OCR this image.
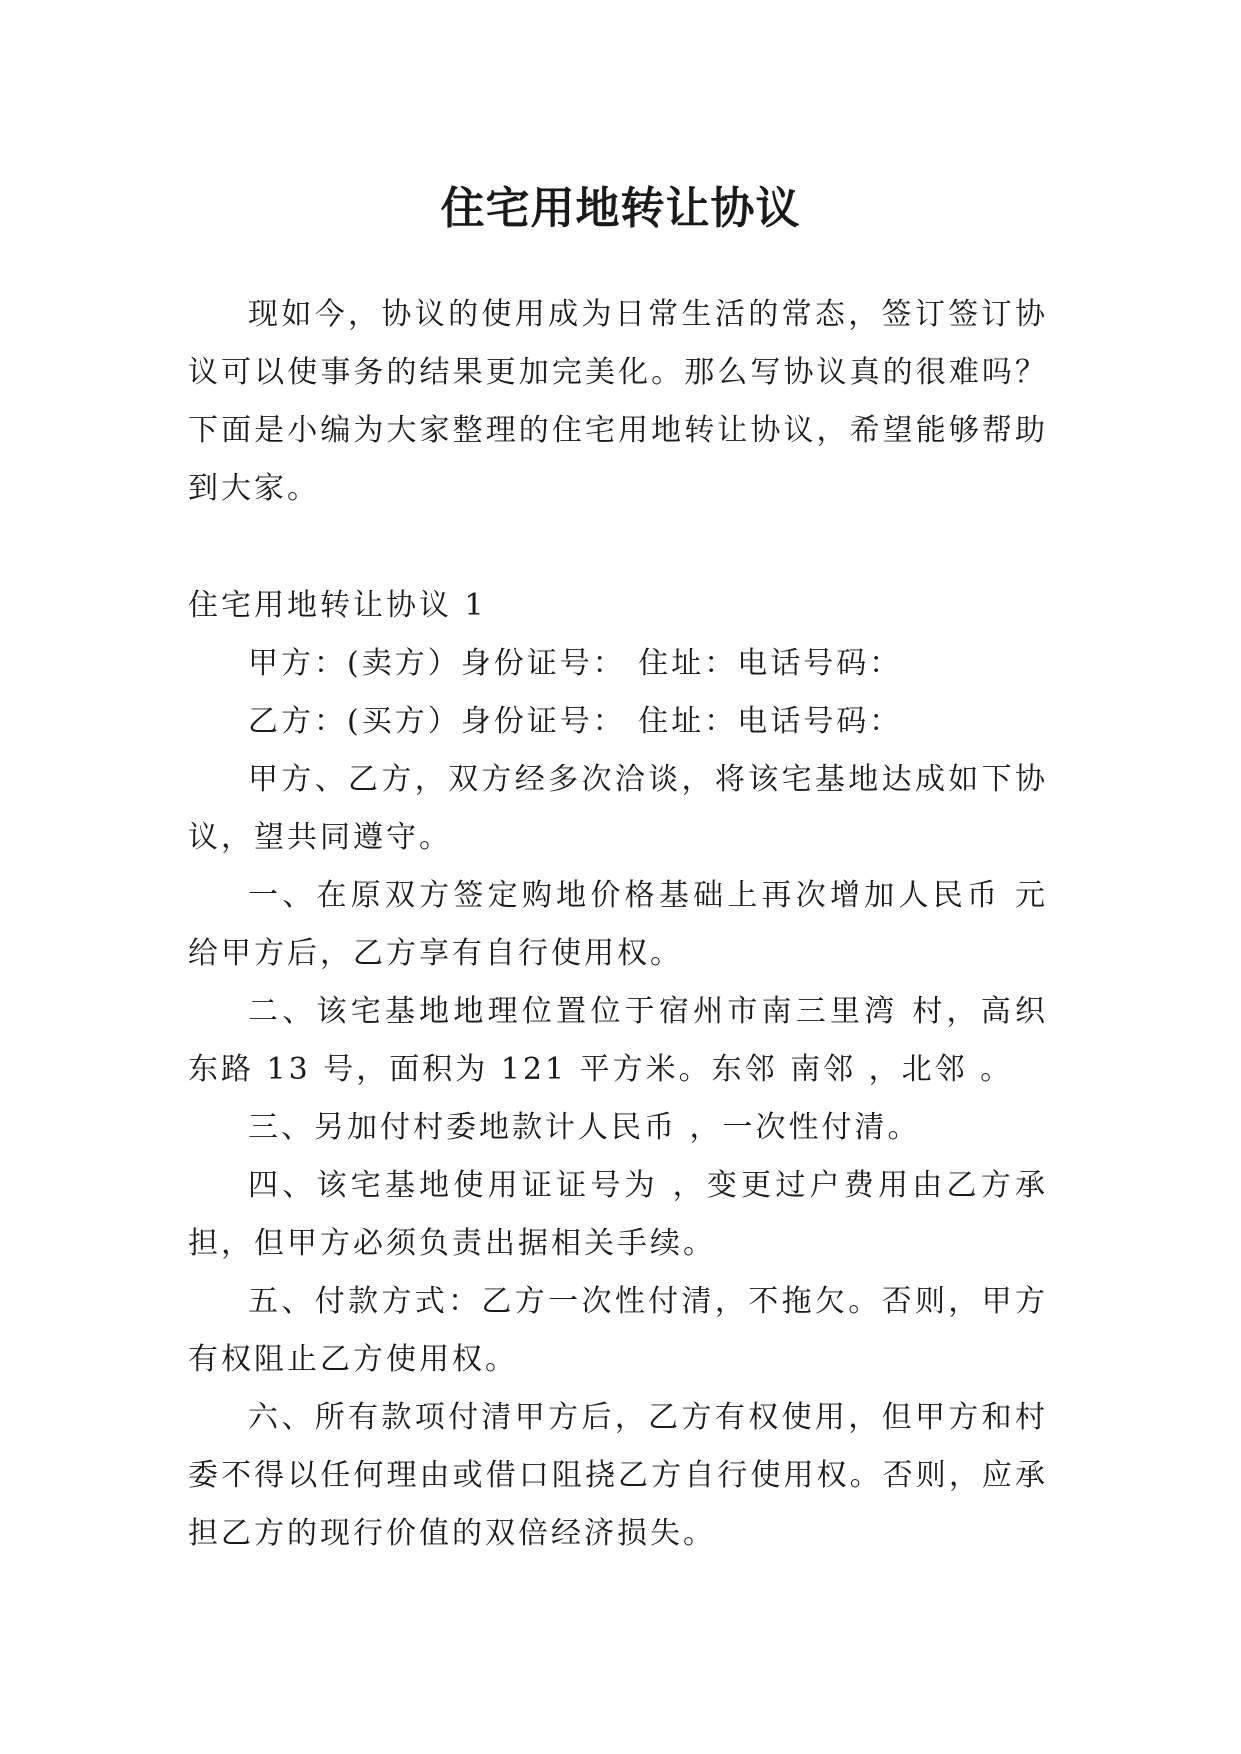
住宅用地转让协议

现如今，协议的使用成为日常生活的常态，签订签订协议可以使事务的结果更加完美化。那么写协议真的很难吗？下面是小编为大家整理的住宅用地转让协议，希望能够帮助到大家。

住宅用地转让协议 1

甲方：(卖方）身份证号： 住址：电话号码：

乙方：(买方）身份证号： 住址：电话号码：

甲方、乙方，双方经多次洽谈，将该宅基地达成如下协议，望共同遵守。

一、在原双方签定购地价格基础上再次增加人民币 元给甲方后，乙方享有自行使用权。

二、该宅基地地理位置位于宿州市南三里湾 村，高织东路 13 号，面积为 121 平方米。东邻 南邻 ，北邻 。

三、另加付村委地款计人民币 ，一次性付清。

四、该宅基地使用证证号为 ，变更过户费用由乙方承担，但甲方必须负责出据相关手续。

五、付款方式：乙方一次性付清，不拖欠。否则，甲方有权阻止乙方使用权。

六、所有款项付清甲方后，乙方有权使用，但甲方和村委不得以任何理由或借口阻挠乙方自行使用权。否则，应承担乙方的现行价值的双倍经济损失。
